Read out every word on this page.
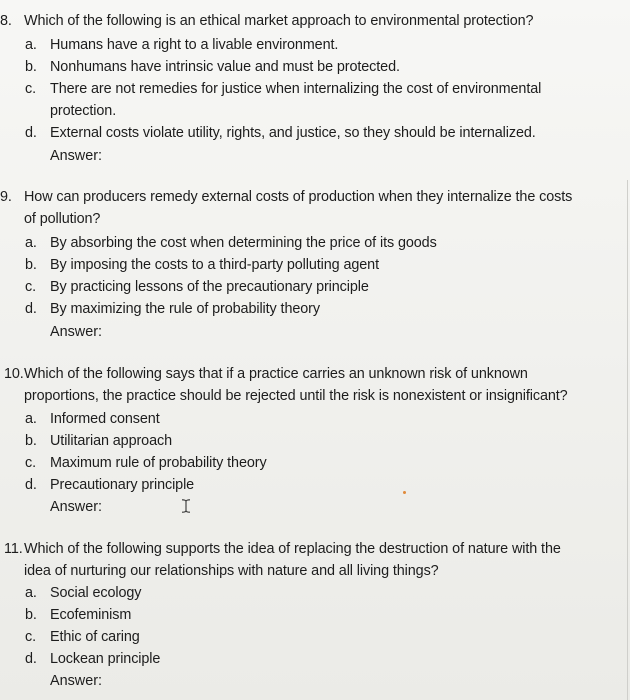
8. Which of the following is an ethical market approach to environmental protection?
a. Humans have a right to a livable environment.
b. Nonhumans have intrinsic value and must be protected.
c. There are not remedies for justice when internalizing the cost of environmental
protection.
d. External costs violate utility, rights, and justice, so they should be internalized.
Answer:
9. How can producers remedy external costs of production when they internalize the costs
of pollution?
a. By absorbing the cost when determining the price of its goods
b. By imposing the costs to a third-party polluting agent
c. By practicing lessons of the precautionary principle
d. By maximizing the rule of probability theory
Answer:
10. Which of the following says that if a practice carries an unknown risk of unknown
proportions, the practice should be rejected until the risk is nonexistent or insignificant?
a. Informed consent
b. Utilitarian approach
c. Maximum rule of probability theory
d. Precautionary principle
Answer:
11. Which of the following supports the idea of replacing the destruction of nature with the
idea of nurturing our relationships with nature and all living things?
a. Social ecology
b. Ecofeminism
c. Ethic of caring
d. Lockean principle
Answer:
